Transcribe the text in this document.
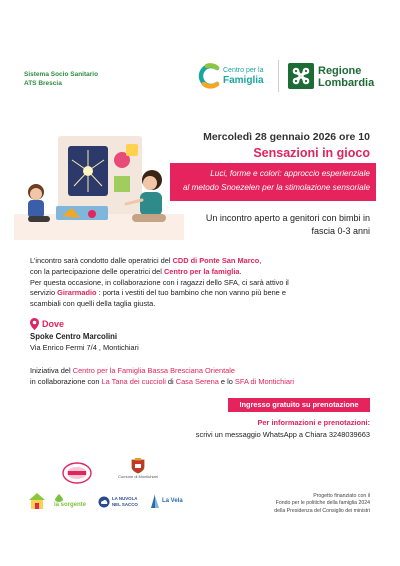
Sistema Socio Sanitario
ATS Brescia
Centro per la
Famiglia
Regione
Lombardia
Mercoledì 28 gennaio 2026 ore 10
Sensazioni in gioco
Luci, forme e colori: approccio esperienziale
al metodo Snoezelen per la stimolazione sensoriale
Un incontro aperto a genitori con bimbi in
fascia 0-3 anni
L’incontro sarà condotto dalle operatrici del CDD di Ponte San Marco,
con la partecipazione delle operatrici del Centro per la famiglia.
Per questa occasione, in collaborazione con i ragazzi dello SFA, ci sarà attivo il
servizio Girarmadio : porta i vestiti del tuo bambino che non vanno più bene e
scambiali con quelli della taglia giusta.
Dove
Spoke Centro Marcolini
Via Enrico Fermi 7/4 , Montichiari
Iniziativa del Centro per la Famiglia Bassa Bresciana Orientale
in collaborazione con La Tana dei cuccioli di Casa Serena e lo SFA di Montichiari
Ingresso gratuito su prenotazione
Per informazioni e prenotazioni:
scrivi un messaggio WhatsApp a Chiara 3248039663
Comune di Montichiari
la sorgente
LA NUVOLA
NEL SACCO
La Vela
Progetto finanziato con il
Fondo per le politiche della famiglia 2024
della Presidenza del Consiglio dei ministri
